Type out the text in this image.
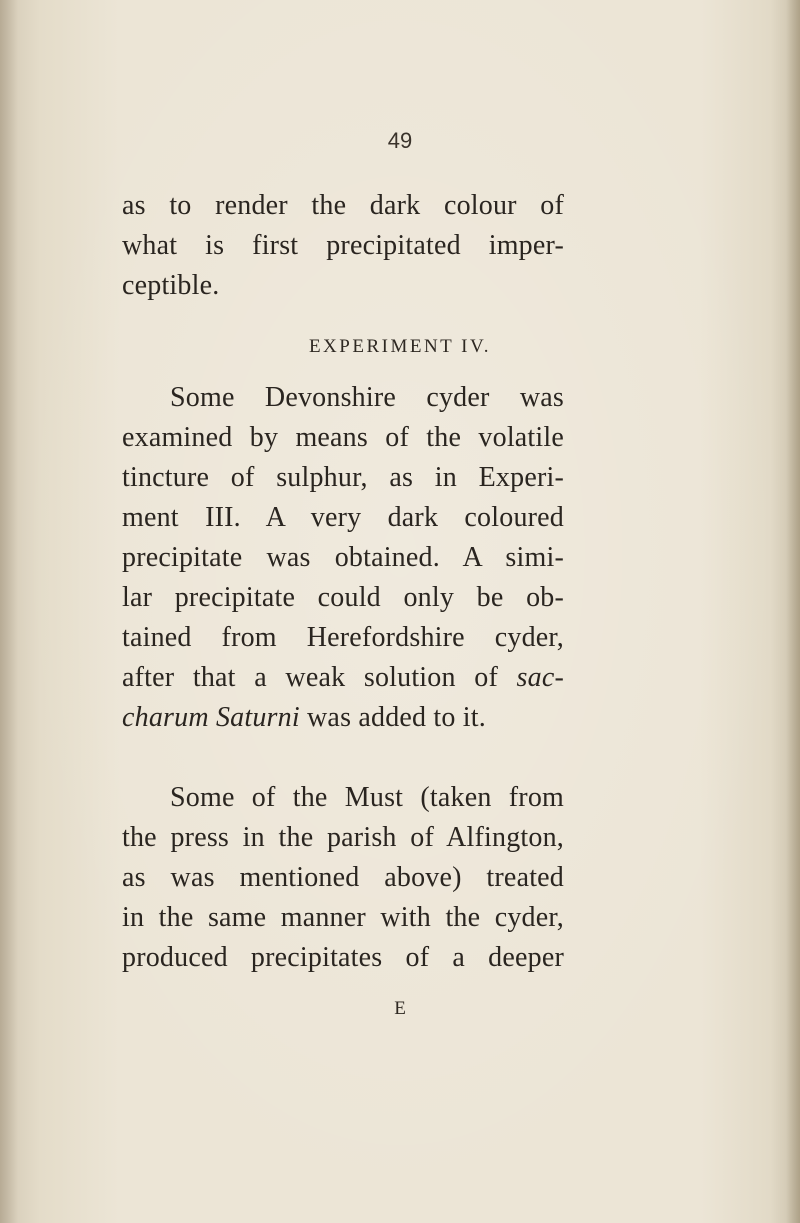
49
as to render the dark colour of
what is first precipitated imper-
ceptible.
EXPERIMENT IV.
Some Devonshire cyder was
examined by means of the volatile
tincture of sulphur, as in Experi-
ment III. A very dark coloured
precipitate was obtained. A simi-
lar precipitate could only be ob-
tained from Herefordshire cyder,
after that a weak solution of sac-
charum Saturni was added to it.
Some of the Must (taken from
the press in the parish of Alfington,
as was mentioned above) treated
in the same manner with the cyder,
produced precipitates of a deeper
E
